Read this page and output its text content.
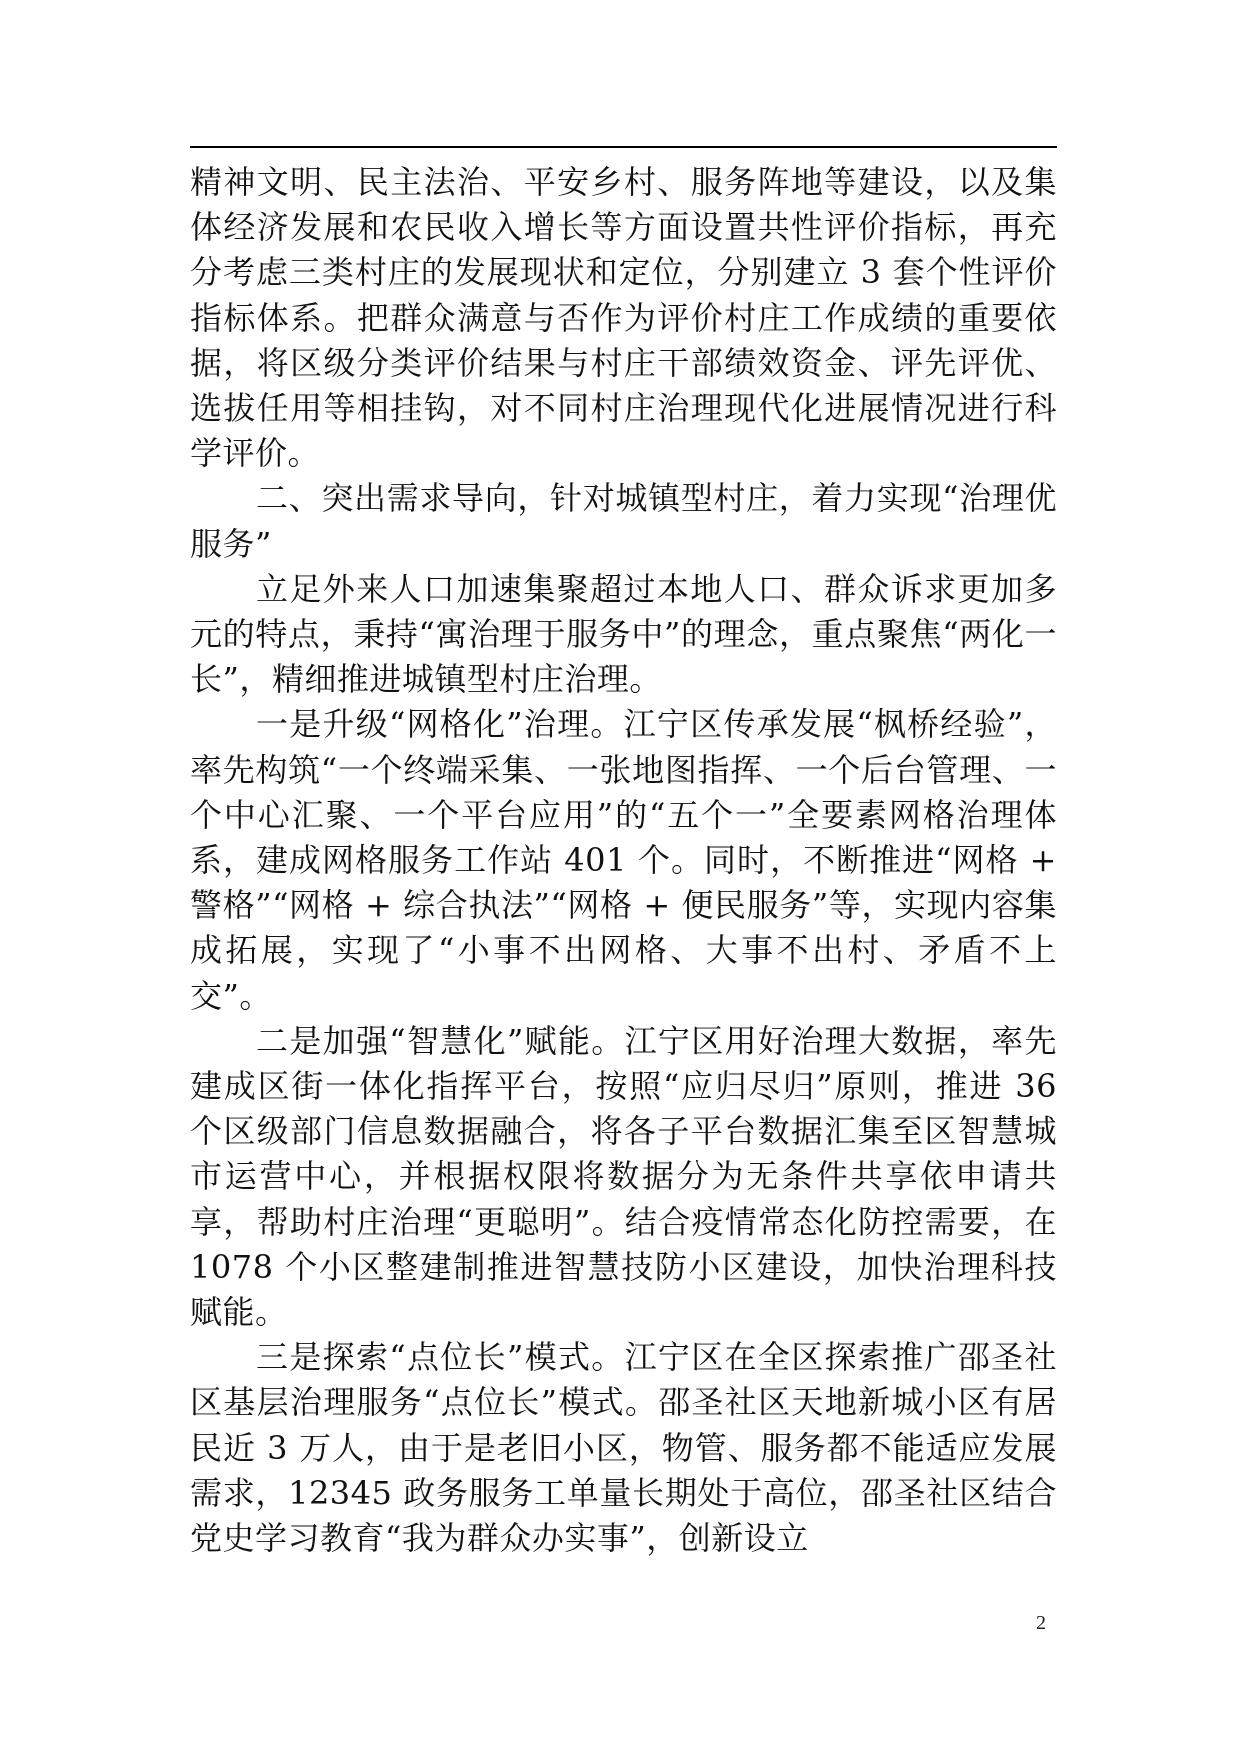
精神文明、民主法治、平安乡村、服务阵地等建设，以及集体经济发展和农民收入增长等方面设置共性评价指标，再充分考虑三类村庄的发展现状和定位，分别建立 3 套个性评价指标体系。把群众满意与否作为评价村庄工作成绩的重要依据，将区级分类评价结果与村庄干部绩效资金、评先评优、选拔任用等相挂钩，对不同村庄治理现代化进展情况进行科学评价。

二、突出需求导向，针对城镇型村庄，着力实现“治理优服务”

立足外来人口加速集聚超过本地人口、群众诉求更加多元的特点，秉持“寓治理于服务中”的理念，重点聚焦“两化一长”，精细推进城镇型村庄治理。

一是升级“网格化”治理。江宁区传承发展“枫桥经验”，率先构筑“一个终端采集、一张地图指挥、一个后台管理、一个中心汇聚、一个平台应用”的“五个一”全要素网格治理体系，建成网格服务工作站 401 个。同时，不断推进“网格 + 警格”“网格 + 综合执法”“网格 + 便民服务”等，实现内容集成拓展，实现了“小事不出网格、大事不出村、矛盾不上交”。

二是加强“智慧化”赋能。江宁区用好治理大数据，率先建成区街一体化指挥平台，按照“应归尽归”原则，推进 36 个区级部门信息数据融合，将各子平台数据汇集至区智慧城市运营中心，并根据权限将数据分为无条件共享依申请共享，帮助村庄治理“更聪明”。结合疫情常态化防控需要，在 1078 个小区整建制推进智慧技防小区建设，加快治理科技赋能。

三是探索“点位长”模式。江宁区在全区探索推广邵圣社区基层治理服务“点位长”模式。邵圣社区天地新城小区有居民近 3 万人，由于是老旧小区，物管、服务都不能适应发展需求，12345 政务服务工单量长期处于高位，邵圣社区结合党史学习教育“我为群众办实事”，创新设立

2
